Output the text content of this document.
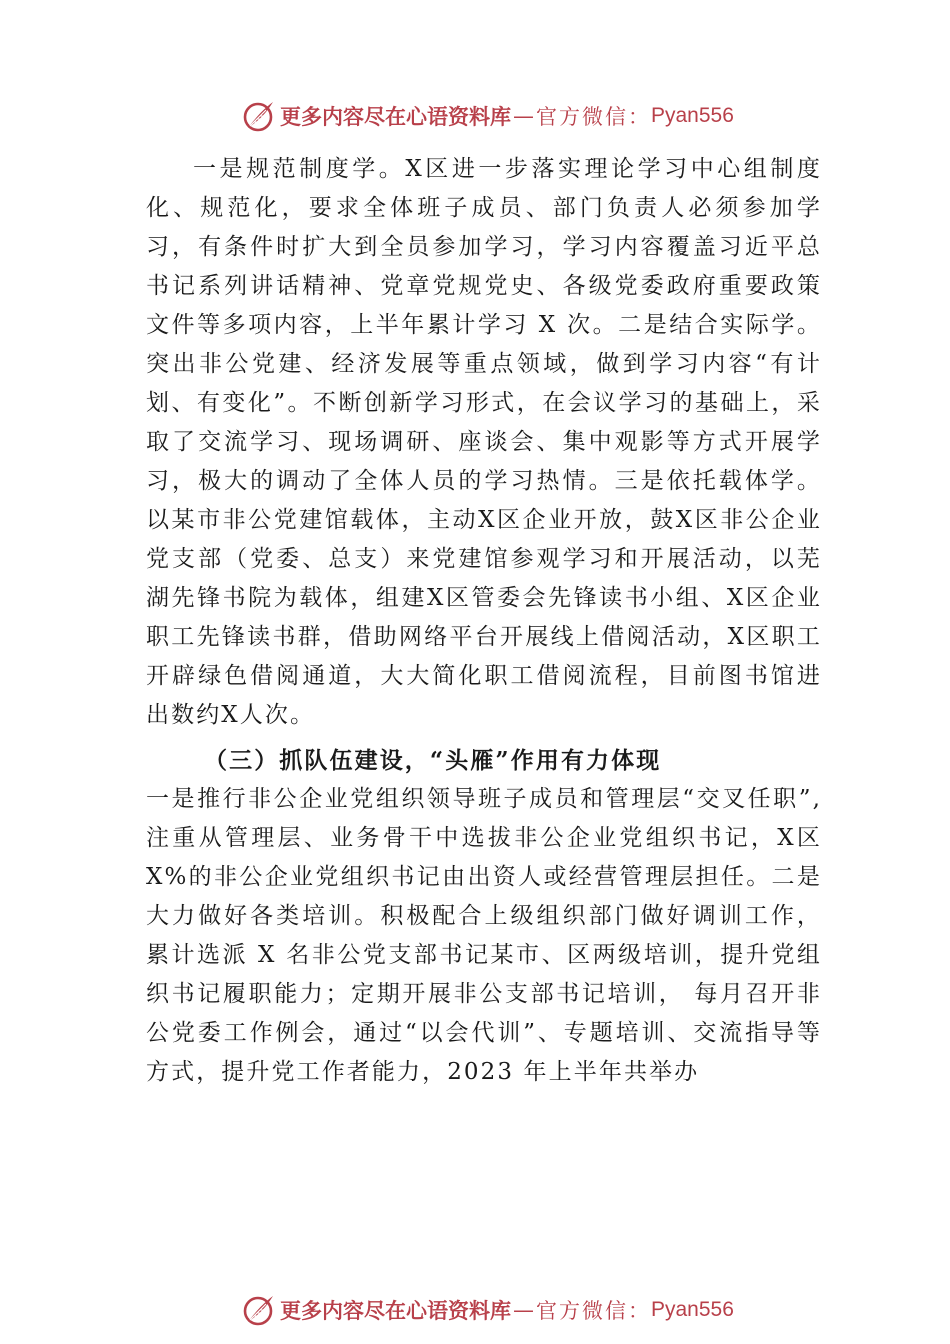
更多内容尽在心语资料库 — 官方微信： Pyan556

一是规范制度学。X区进一步落实理论学习中心组制度化、规范化，要求全体班子成员、部门负责人必须参加学习，有条件时扩大到全员参加学习，学习内容覆盖习近平总书记系列讲话精神、党章党规党史、各级党委政府重要政策文件等多项内容，上半年累计学习 X 次。二是结合实际学。突出非公党建、经济发展等重点领域，做到学习内容“有计划、有变化”。不断创新学习形式，在会议学习的基础上，采取了交流学习、现场调研、座谈会、集中观影等方式开展学习，极大的调动了全体人员的学习热情。三是依托载体学。 以某市非公党建馆载体，主动X区企业开放，鼓X区非公企业党支部（党委、总支）来党建馆参观学习和开展活动，以芜湖先锋书院为载体，组建X区管委会先锋读书小组、X区企业职工先锋读书群，借助网络平台开展线上借阅活动，X区职工开辟绿色借阅通道，大大简化职工借阅流程，目前图书馆进出数约X人次。

（三）抓队伍建设，“头雁”作用有力体现

一是推行非公企业党组织领导班子成员和管理层“交叉任职”,注重从管理层、业务骨干中选拔非公企业党组织书记，X区 X%的非公企业党组织书记由出资人或经营管理层担任。二是大力做好各类培训。积极配合上级组织部门做好调训工作，累计选派 X 名非公党支部书记某市、区两级培训，提升党组织书记履职能力；定期开展非公支部书记培训， 每月召开非公党委工作例会，通过“以会代训”、专题培训、交流指导等方式，提升党工作者能力，2023 年上半年共举办

更多内容尽在心语资料库 — 官方微信： Pyan556
